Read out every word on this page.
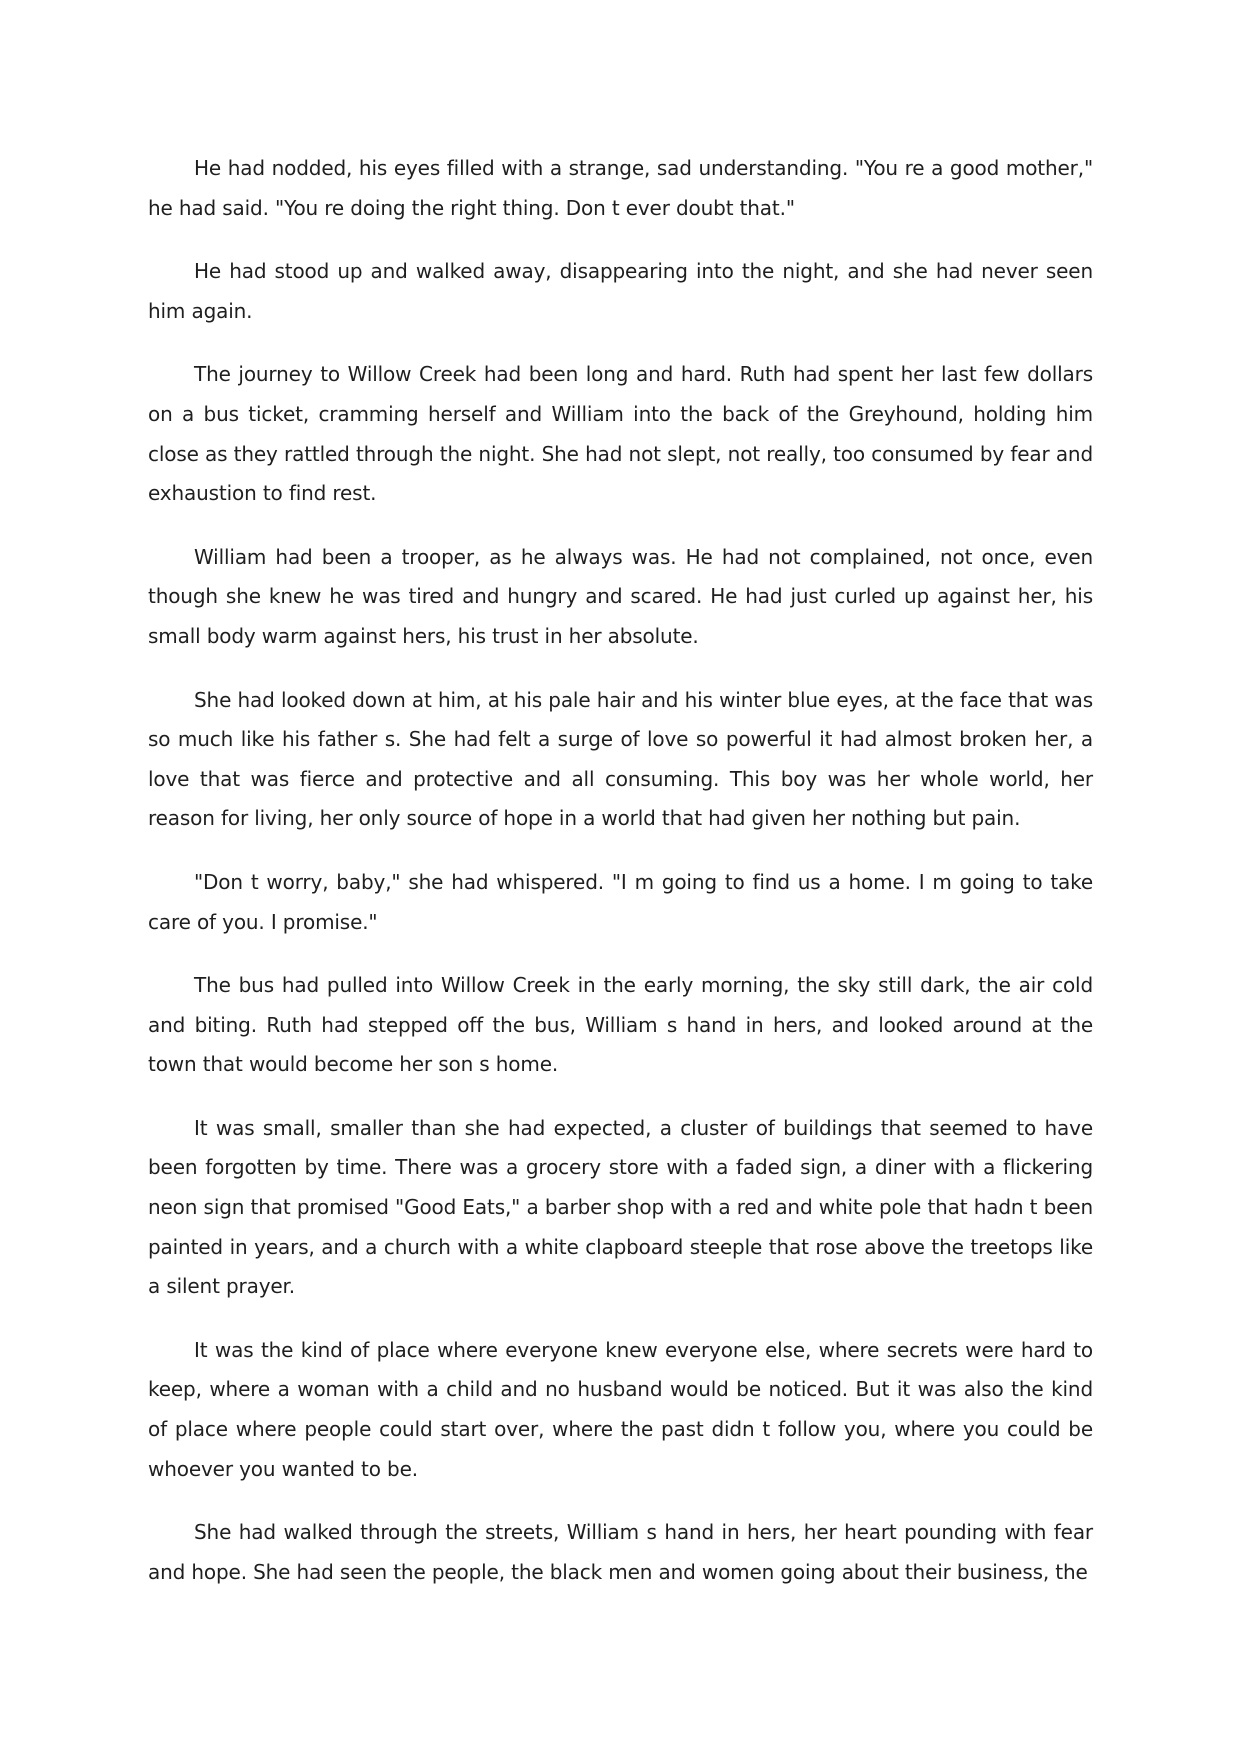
He had nodded, his eyes filled with a strange, sad understanding. "You re a good mother," he had said. "You re doing the right thing. Don t ever doubt that."

He had stood up and walked away, disappearing into the night, and she had never seen him again.

The journey to Willow Creek had been long and hard. Ruth had spent her last few dollars on a bus ticket, cramming herself and William into the back of the Greyhound, holding him close as they rattled through the night. She had not slept, not really, too consumed by fear and exhaustion to find rest.

William had been a trooper, as he always was. He had not complained, not once, even though she knew he was tired and hungry and scared. He had just curled up against her, his small body warm against hers, his trust in her absolute.

She had looked down at him, at his pale hair and his winter blue eyes, at the face that was so much like his father s. She had felt a surge of love so powerful it had almost broken her, a love that was fierce and protective and all consuming. This boy was her whole world, her reason for living, her only source of hope in a world that had given her nothing but pain.

"Don t worry, baby," she had whispered. "I m going to find us a home. I m going to take care of you. I promise."

The bus had pulled into Willow Creek in the early morning, the sky still dark, the air cold and biting. Ruth had stepped off the bus, William s hand in hers, and looked around at the town that would become her son s home.

It was small, smaller than she had expected, a cluster of buildings that seemed to have been forgotten by time. There was a grocery store with a faded sign, a diner with a flickering neon sign that promised "Good Eats," a barber shop with a red and white pole that hadn t been painted in years, and a church with a white clapboard steeple that rose above the treetops like a silent prayer.

It was the kind of place where everyone knew everyone else, where secrets were hard to keep, where a woman with a child and no husband would be noticed. But it was also the kind of place where people could start over, where the past didn t follow you, where you could be whoever you wanted to be.

She had walked through the streets, William s hand in hers, her heart pounding with fear and hope. She had seen the people, the black men and women going about their business, the
